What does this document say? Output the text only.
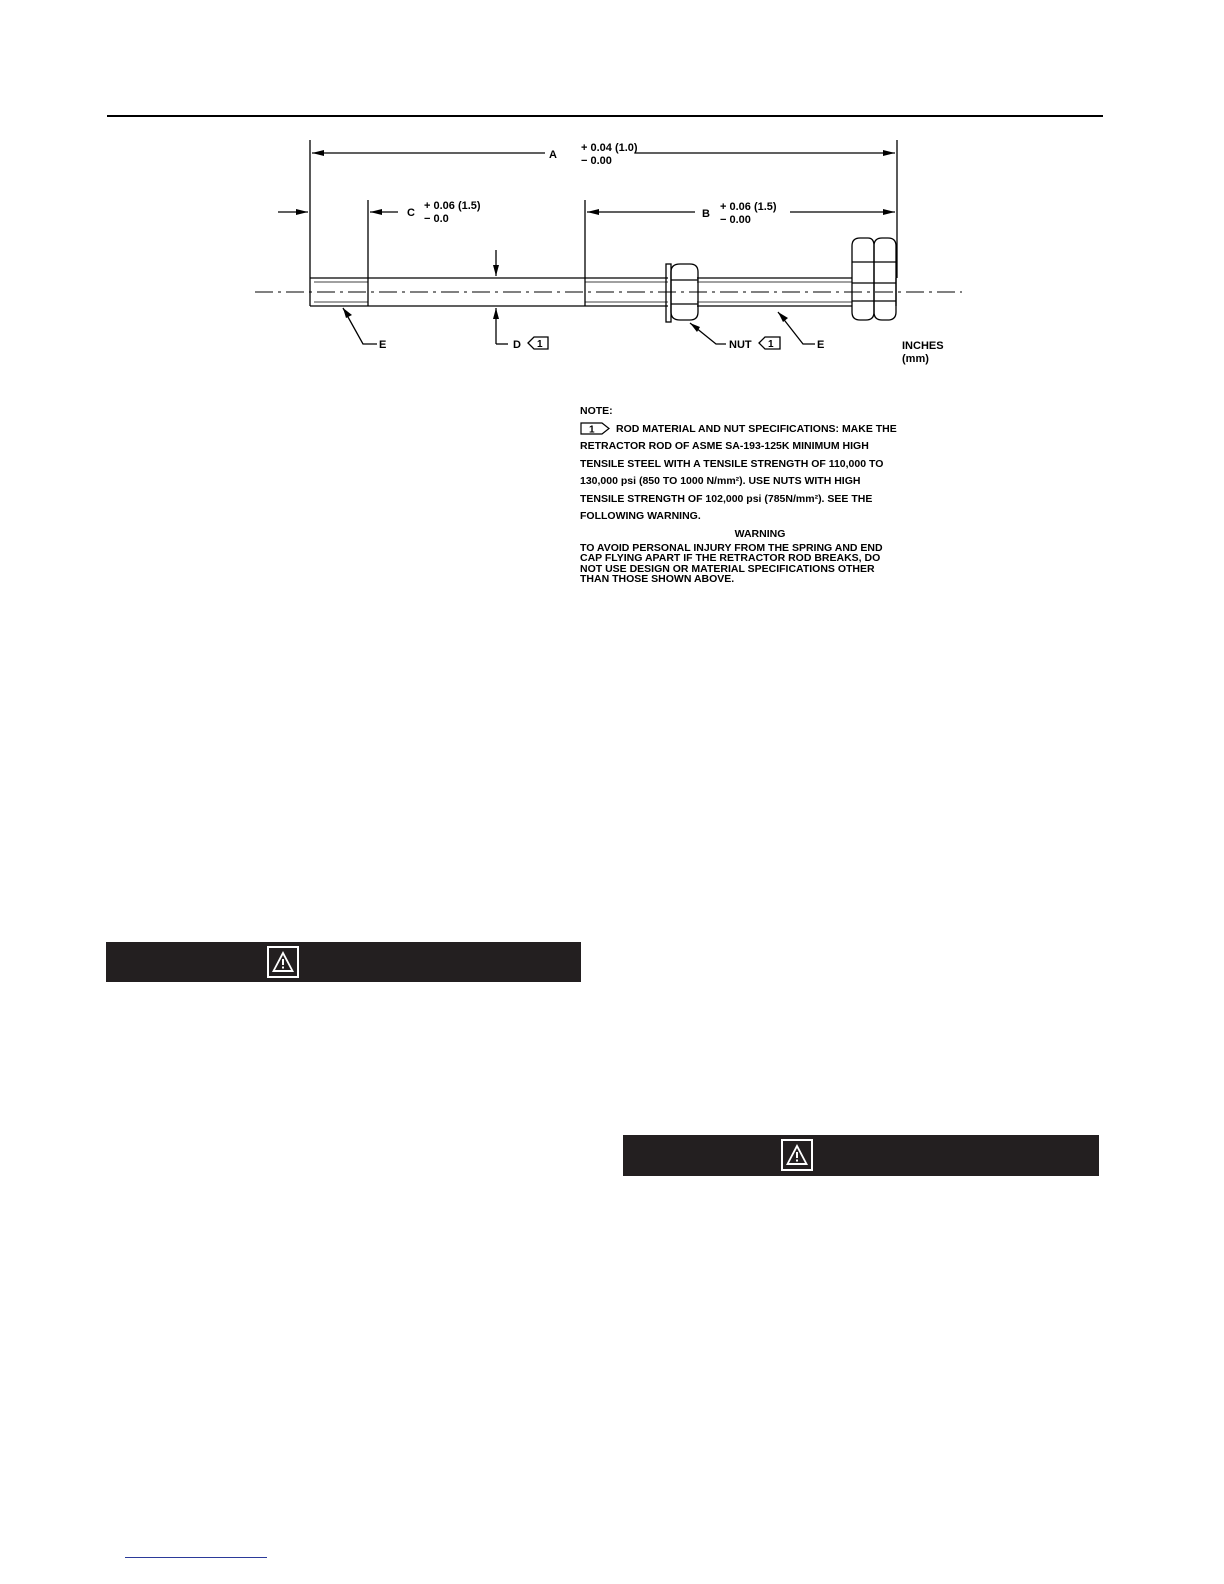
A
+ 0.04 (1.0)
− 0.00
B
+ 0.06 (1.5)
− 0.00
C
+ 0.06 (1.5)
− 0.0
E	D 1	NUT 1	E	INCHES
(mm)
NOTE:
1 ROD MATERIAL AND NUT SPECIFICATIONS: MAKE THE
RETRACTOR ROD OF ASME SA-193-125K MINIMUM HIGH
TENSILE STEEL WITH A TENSILE STRENGTH OF 110,000 TO
130,000 psi (850 TO 1000 N/mm²). USE NUTS WITH HIGH
TENSILE STRENGTH OF 102,000 psi (785N/mm²). SEE THE
FOLLOWING WARNING.
WARNING
TO AVOID PERSONAL INJURY FROM THE SPRING AND END
CAP FLYING APART IF THE RETRACTOR ROD BREAKS, DO
NOT USE DESIGN OR MATERIAL SPECIFICATIONS OTHER
THAN THOSE SHOWN ABOVE.
